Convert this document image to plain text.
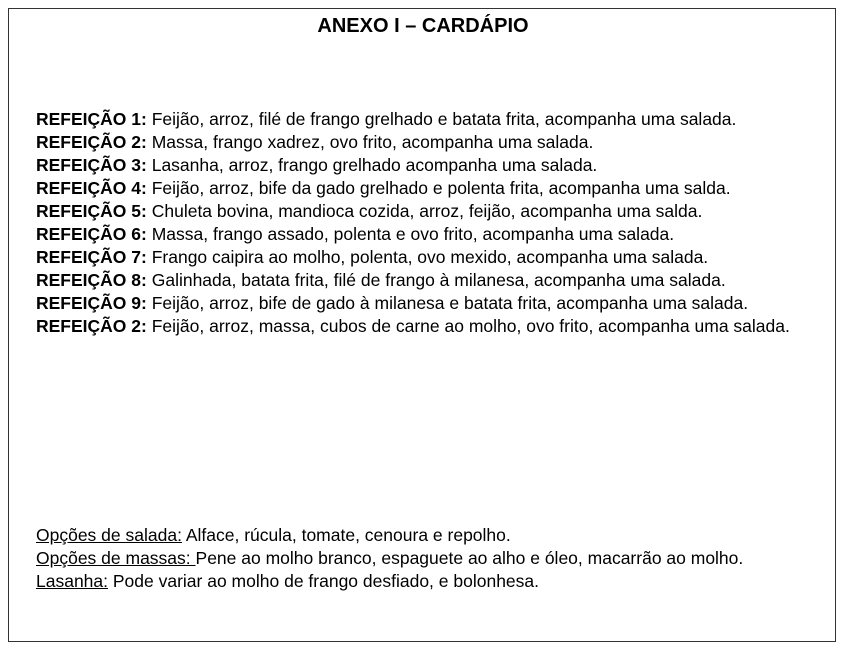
ANEXO I – CARDÁPIO

REFEIÇÃO 1: Feijão, arroz, filé de frango grelhado e batata frita, acompanha uma salada.

REFEIÇÃO 2: Massa, frango xadrez, ovo frito, acompanha uma salada.

REFEIÇÃO 3: Lasanha, arroz, frango grelhado acompanha uma salada.

REFEIÇÃO 4: Feijão, arroz, bife da gado grelhado e polenta frita, acompanha uma salda.

REFEIÇÃO 5: Chuleta bovina, mandioca cozida, arroz, feijão, acompanha uma salda.

REFEIÇÃO 6: Massa, frango assado, polenta e ovo frito, acompanha uma salada.

REFEIÇÃO 7: Frango caipira ao molho, polenta, ovo mexido, acompanha uma salada.

REFEIÇÃO 8: Galinhada, batata frita, filé de frango à milanesa, acompanha uma salada.

REFEIÇÃO 9: Feijão, arroz, bife de gado à milanesa e batata frita, acompanha uma salada.

REFEIÇÃO 2: Feijão, arroz, massa, cubos de carne ao molho, ovo frito, acompanha uma salada.

Opções de salada: Alface, rúcula, tomate, cenoura e repolho.

Opções de massas: Pene ao molho branco, espaguete ao alho e óleo, macarrão ao molho.

Lasanha: Pode variar ao molho de frango desfiado, e bolonhesa.
